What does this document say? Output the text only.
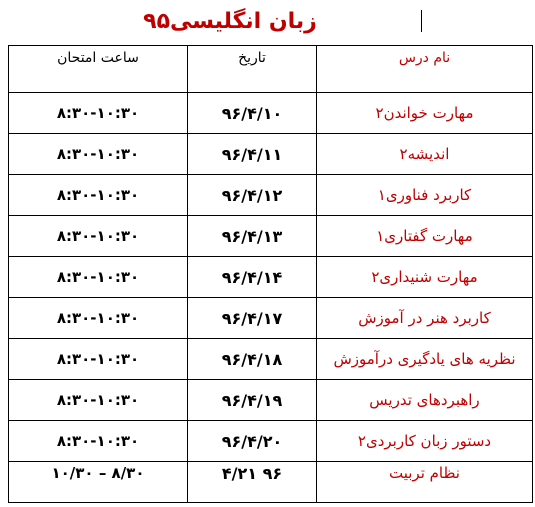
زبان انگلیسی۹۵
نام درس	تاریخ	ساعت امتحان
مهارت خواندن۲	۹۶/۴/۱۰	۸:۳۰-۱۰:۳۰
اندیشه۲	۹۶/۴/۱۱	۸:۳۰-۱۰:۳۰
کاربرد فناوری۱	۹۶/۴/۱۲	۸:۳۰-۱۰:۳۰
مهارت گفتاری۱	۹۶/۴/۱۳	۸:۳۰-۱۰:۳۰
مهارت شنیداری۲	۹۶/۴/۱۴	۸:۳۰-۱۰:۳۰
کاربرد هنر در آموزش	۹۶/۴/۱۷	۸:۳۰-۱۰:۳۰
نظریه های یادگیری درآموزش	۹۶/۴/۱۸	۸:۳۰-۱۰:۳۰
راهبردهای تدریس	۹۶/۴/۱۹	۸:۳۰-۱۰:۳۰
دستور زبان کاربردی۲	۹۶/۴/۲۰	۸:۳۰-۱۰:۳۰
نظام تربیت	۹۶ ۴/۲۱	۸/۳۰ – ۱۰/۳۰
